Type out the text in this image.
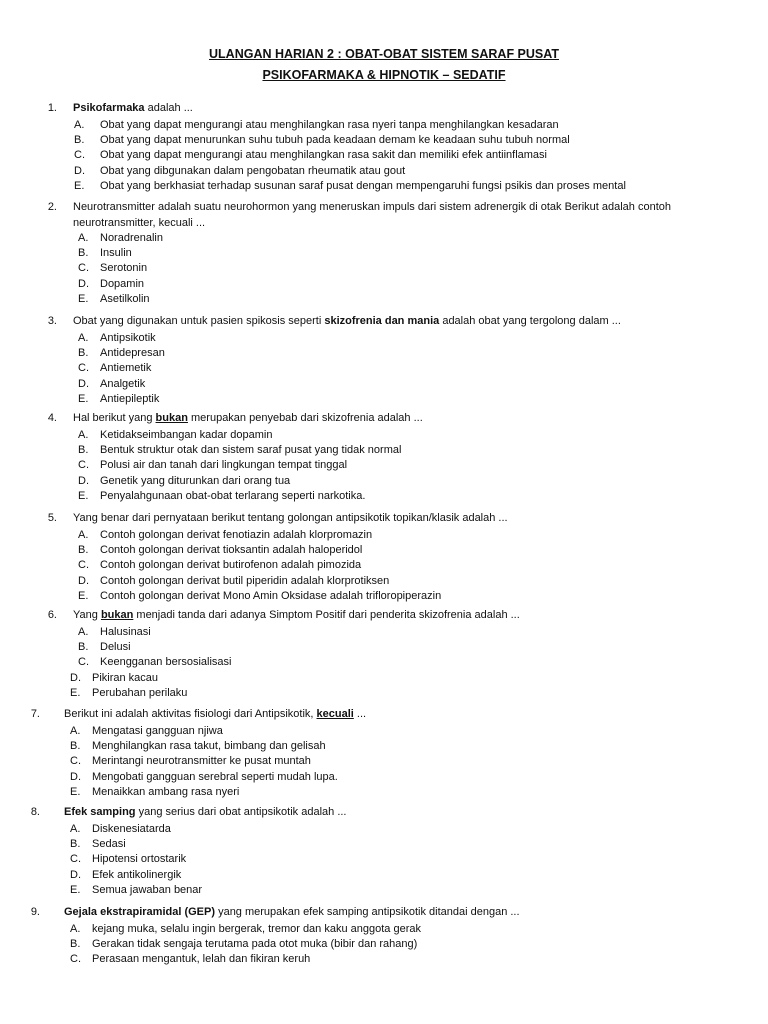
ULANGAN HARIAN 2 : OBAT-OBAT SISTEM SARAF PUSAT
PSIKOFARMAKA & HIPNOTIK – SEDATIF
1. Psikofarmaka adalah ...
A. Obat yang dapat mengurangi atau menghilangkan rasa nyeri tanpa menghilangkan kesadaran
B. Obat yang dapat menurunkan suhu tubuh pada keadaan demam ke keadaan suhu tubuh normal
C. Obat yang dapat mengurangi atau menghilangkan rasa sakit dan memiliki efek antiinflamasi
D. Obat yang dibgunakan dalam pengobatan rheumatik atau gout
E. Obat yang berkhasiat terhadap susunan saraf pusat dengan mempengaruhi fungsi psikis dan proses mental
2. Neurotransmitter adalah suatu neurohormon yang meneruskan impuls dari sistem adrenergik di otak Berikut adalah contoh
neurotransmitter, kecuali ...
A. Noradrenalin
B. Insulin
C. Serotonin
D. Dopamin
E. Asetilkolin
3. Obat yang digunakan untuk pasien spikosis seperti skizofrenia dan mania adalah obat yang tergolong dalam ...
A. Antipsikotik
B. Antidepresan
C. Antiemetik
D. Analgetik
E. Antiepileptik
4. Hal berikut yang bukan merupakan penyebab dari skizofrenia adalah ...
A. Ketidakseimbangan kadar dopamin
B. Bentuk struktur otak dan sistem saraf pusat yang tidak normal
C. Polusi air dan tanah dari lingkungan tempat tinggal
D. Genetik yang diturunkan dari orang tua
E. Penyalahgunaan obat-obat terlarang seperti narkotika.
5. Yang benar dari pernyataan berikut tentang golongan antipsikotik topikan/klasik adalah ...
A. Contoh golongan derivat fenotiazin adalah klorpromazin
B. Contoh golongan derivat tioksantin adalah haloperidol
C. Contoh golongan derivat butirofenon adalah pimozida
D. Contoh golongan derivat butil piperidin adalah klorprotiksen
E. Contoh golongan derivat Mono Amin Oksidase adalah trifloropiperazin
6. Yang bukan menjadi tanda dari adanya Simptom Positif dari penderita skizofrenia adalah ...
A. Halusinasi
B. Delusi
C. Keengganan bersosialisasi
D. Pikiran kacau
E. Perubahan perilaku
7. Berikut ini adalah aktivitas fisiologi dari Antipsikotik, kecuali ...
A. Mengatasi gangguan njiwa
B. Menghilangkan rasa takut, bimbang dan gelisah
C. Merintangi neurotransmitter ke pusat muntah
D. Mengobati gangguan serebral seperti mudah lupa.
E. Menaikkan ambang rasa nyeri
8. Efek samping yang serius dari obat antipsikotik adalah ...
A. Diskenesiatarda
B. Sedasi
C. Hipotensi ortostarik
D. Efek antikolinergik
E. Semua jawaban benar
9. Gejala ekstrapiramidal (GEP) yang merupakan efek samping antipsikotik ditandai dengan ...
A. kejang muka, selalu ingin bergerak, tremor dan kaku anggota gerak
B. Gerakan tidak sengaja terutama pada otot muka (bibir dan rahang)
C. Perasaan mengantuk, lelah dan fikiran keruh
